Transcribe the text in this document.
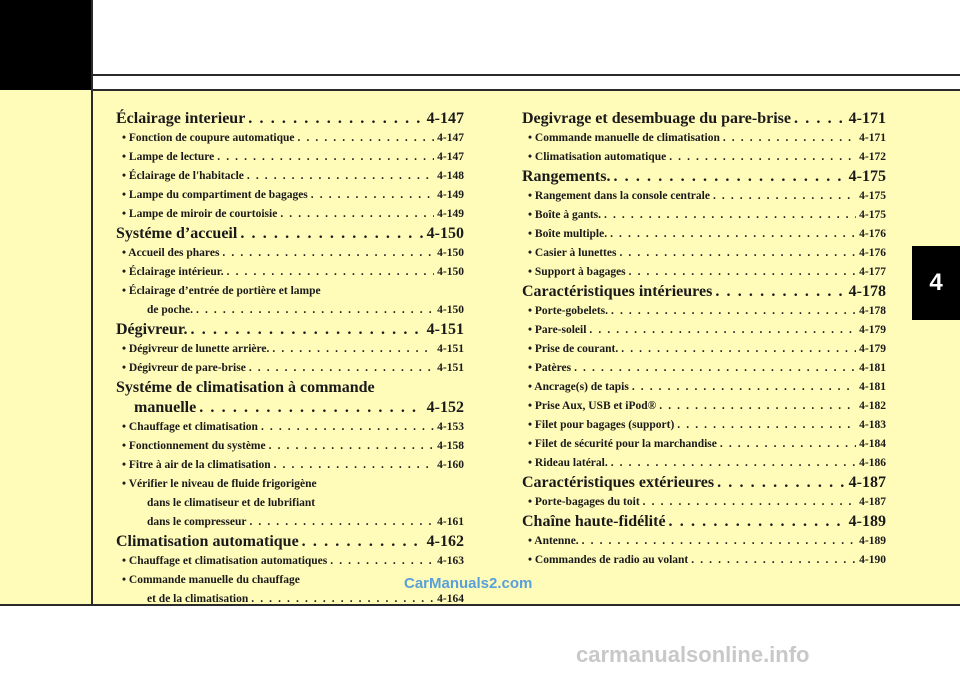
4
Éclairage interieur . . .	4-147
• Fonction de coupure automatique . . .	4-147
• Lampe de lecture . . .	4-147
• Éclairage de l'habitacle . . .	4-148
• Lampe du compartiment de bagages . . .	4-149
• Lampe de miroir de courtoisie . . .	4-149
Systéme d’accueil . . .	4-150
• Accueil des phares . . .	4-150
• Éclairage intérieur. . . .	4-150
• Éclairage d’entrée de portière et lampe
de poche. . . .	4-150
Dégivreur. . . .	4-151
• Dégivreur de lunette arrière. . . .	4-151
• Dégivreur de pare-brise . . .	4-151
Systéme de climatisation à commande
manuelle . . .	4-152
• Chauffage et climatisation . . .	4-153
• Fonctionnement du système . . .	4-158
• Fitre à air de la climatisation . . .	4-160
• Vérifier le niveau de fluide frigorigène
dans le climatiseur et de lubrifiant
dans le compresseur . . .	4-161
Climatisation automatique . . .	4-162
• Chauffage et climatisation automatiques . . .	4-163
• Commande manuelle du chauffage
et de la climatisation . . .	4-164
Degivrage et desembuage du pare-brise . . .	4-171
• Commande manuelle de climatisation . . .	4-171
• Climatisation automatique . . .	4-172
Rangements. . . .	4-175
• Rangement dans la console centrale . . .	4-175
• Boîte à gants. . . .	4-175
• Boîte multiple. . . .	4-176
• Casier à lunettes . . .	4-176
• Support à bagages . . .	4-177
Caractéristiques intérieures . . .	4-178
• Porte-gobelets. . . .	4-178
• Pare-soleil . . .	4-179
• Prise de courant. . . .	4-179
• Patères . . .	4-181
• Ancrage(s) de tapis . . .	4-181
• Prise Aux, USB et iPod® . . .	4-182
• Filet pour bagages (support) . . .	4-183
• Filet de sécurité pour la marchandise . . .	4-184
• Rideau latéral. . . .	4-186
Caractéristiques extérieures . . .	4-187
• Porte-bagages du toit . . .	4-187
Chaîne haute-fidélité . . .	4-189
• Antenne. . . .	4-189
• Commandes de radio au volant . . .	4-190
CarManuals2.com
carmanualsonline.info
